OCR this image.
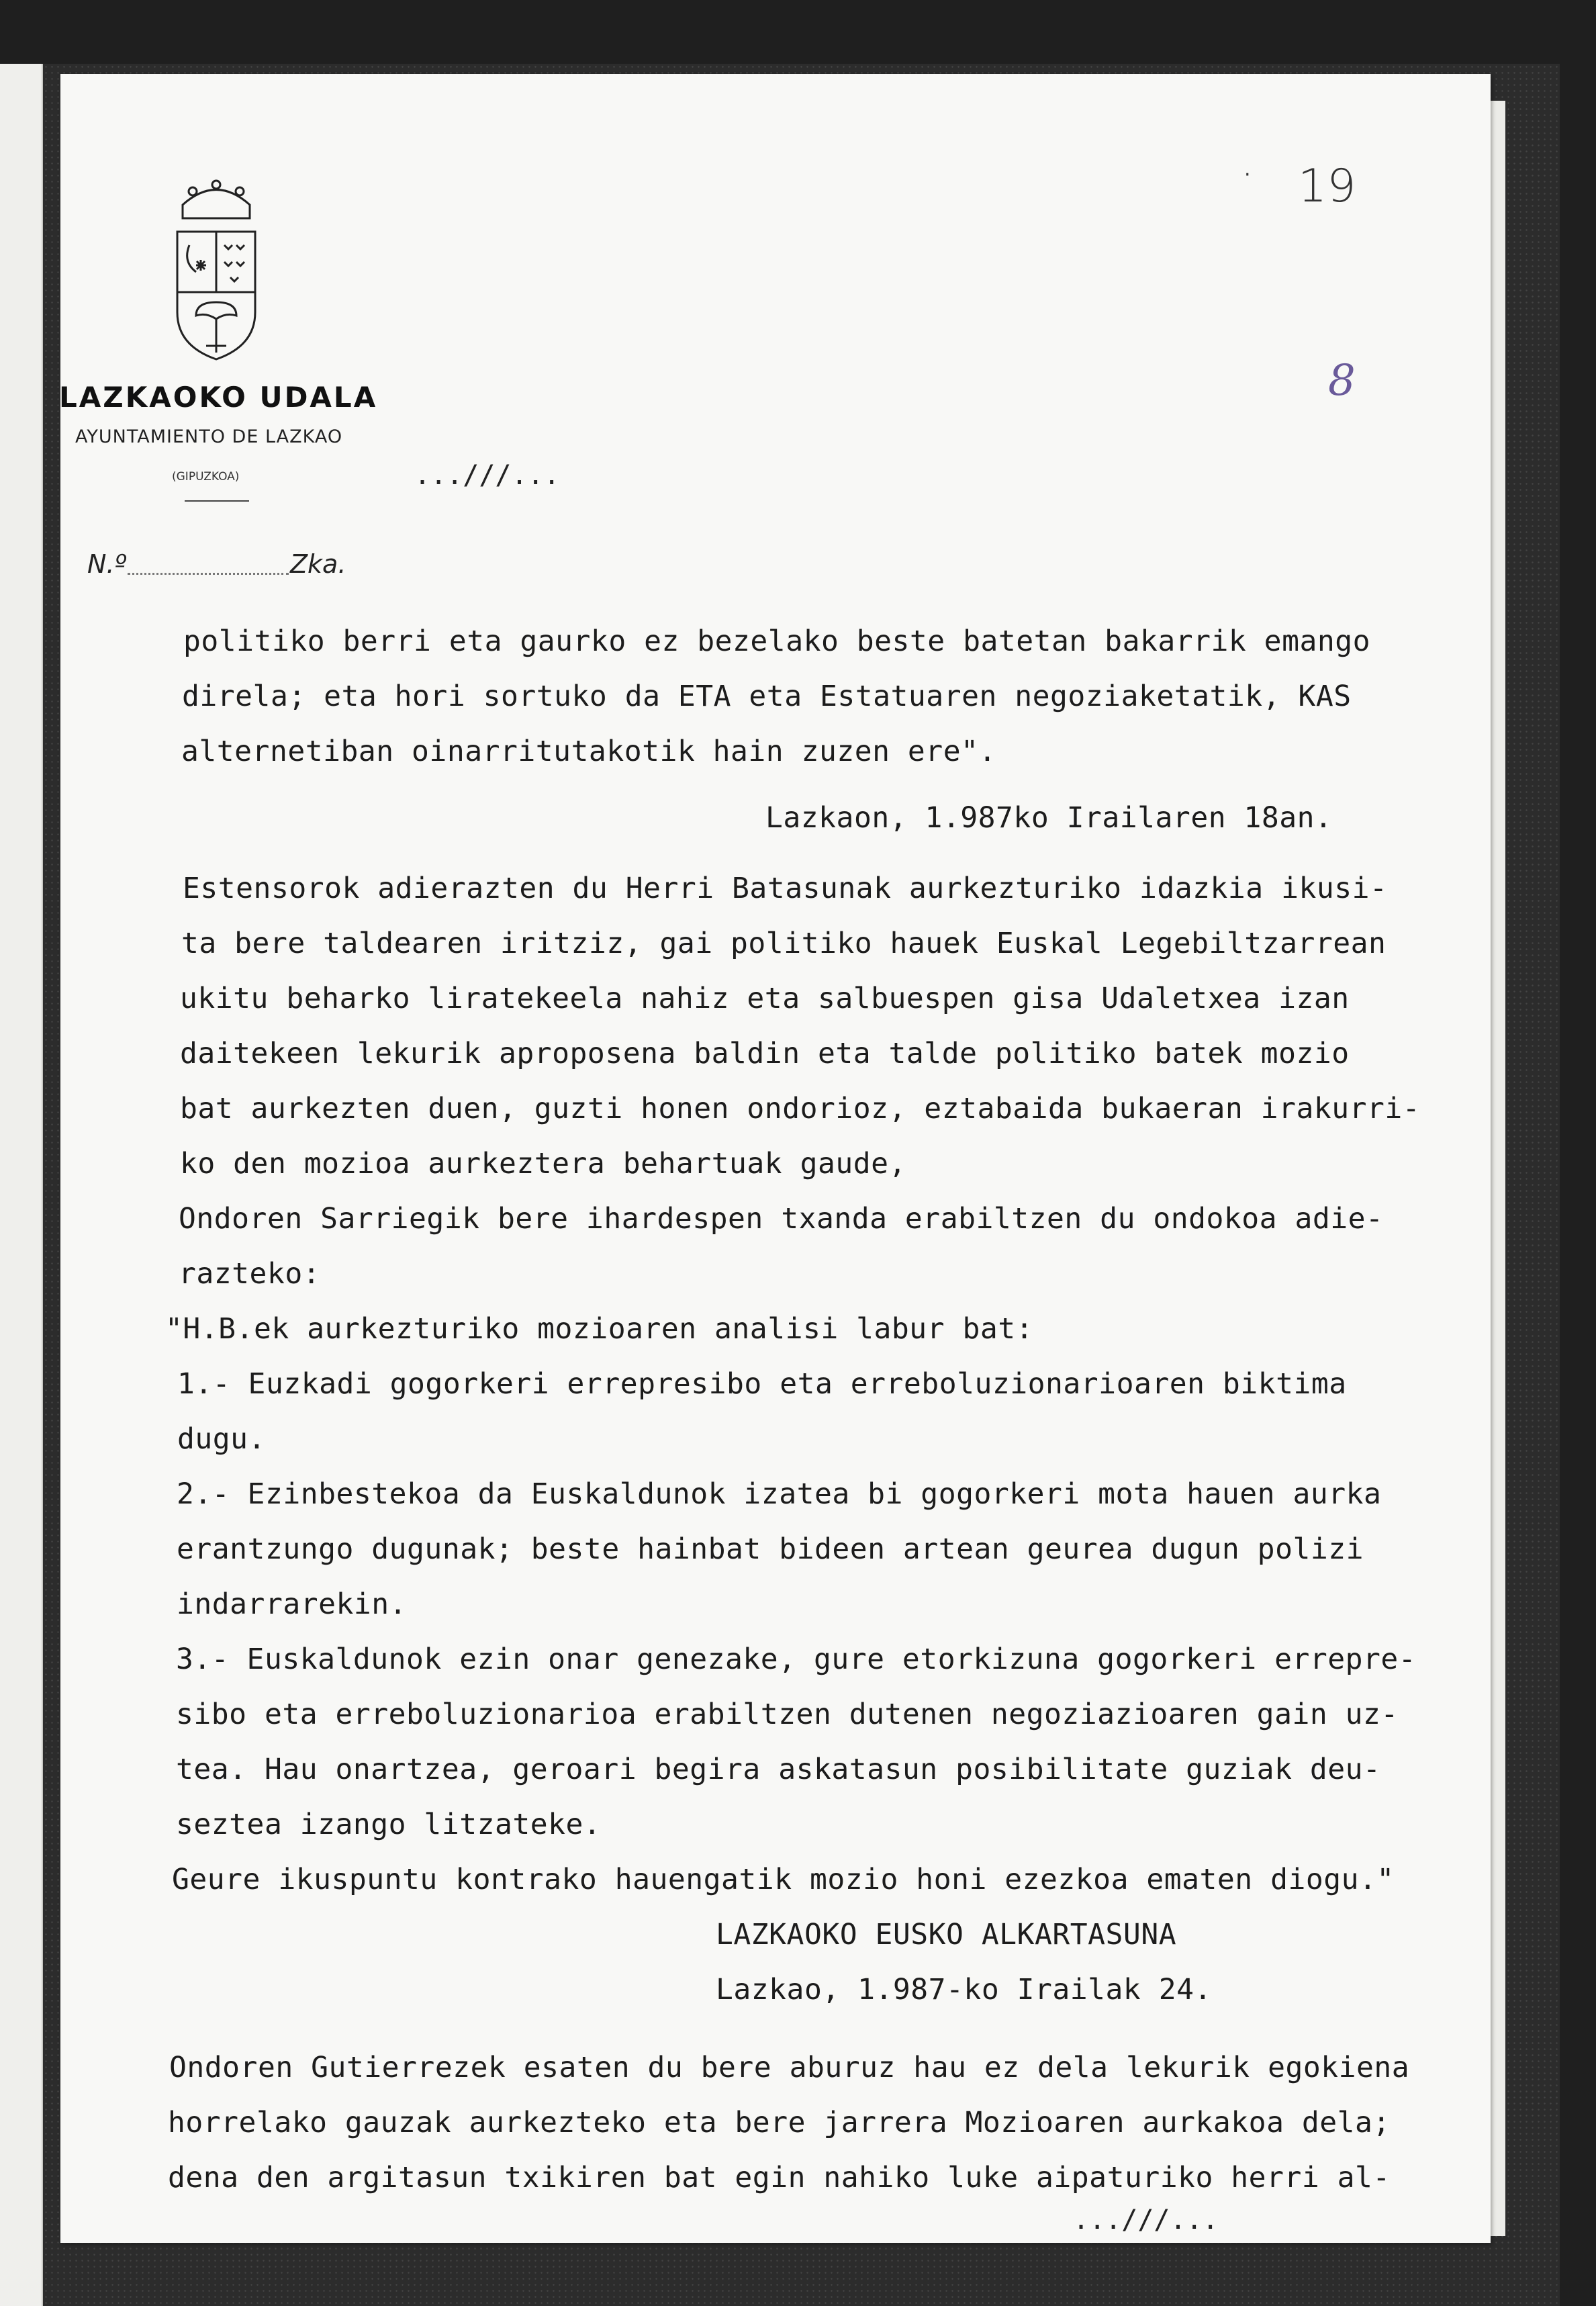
· 19
8
LAZKAOKO UDALA
AYUNTAMIENTO DE LAZKAO
(GIPUZKOA)	...///...
N.º	Zka.
politiko berri eta gaurko ez bezelako beste batetan bakarrik emango
direla; eta hori sortuko da ETA eta Estatuaren negoziaketatik, KAS
alternetiban oinarritutakotik hain zuzen ere".
Lazkaon, 1.987ko Irailaren 18an.
Estensorok adierazten du Herri Batasunak aurkezturiko idazkia ikusi-
ta bere taldearen iritziz, gai politiko hauek Euskal Legebiltzarrean
ukitu beharko liratekeela nahiz eta salbuespen gisa Udaletxea izan
daitekeen lekurik aproposena baldin eta talde politiko batek mozio
bat aurkezten duen, guzti honen ondorioz, eztabaida bukaeran irakurri-
ko den mozioa aurkeztera behartuak gaude,
Ondoren Sarriegik bere ihardespen txanda erabiltzen du ondokoa adie-
razteko:
"H.B.ek aurkezturiko mozioaren analisi labur bat:
1.- Euzkadi gogorkeri errepresibo eta erreboluzionarioaren biktima
dugu.
2.- Ezinbestekoa da Euskaldunok izatea bi gogorkeri mota hauen aurka
erantzungo dugunak; beste hainbat bideen artean geurea dugun polizi
indarrarekin.
3.- Euskaldunok ezin onar genezake, gure etorkizuna gogorkeri errepre-
sibo eta erreboluzionarioa erabiltzen dutenen negoziazioaren gain uz-
tea. Hau onartzea, geroari begira askatasun posibilitate guziak deu-
seztea izango litzateke.
Geure ikuspuntu kontrako hauengatik mozio honi ezezkoa ematen diogu."
LAZKAOKO EUSKO ALKARTASUNA
Lazkao, 1.987-ko Irailak 24.
Ondoren Gutierrezek esaten du bere aburuz hau ez dela lekurik egokiena
horrelako gauzak aurkezteko eta bere jarrera Mozioaren aurkakoa dela;
dena den argitasun txikiren bat egin nahiko luke aipaturiko herri al-
...///...
